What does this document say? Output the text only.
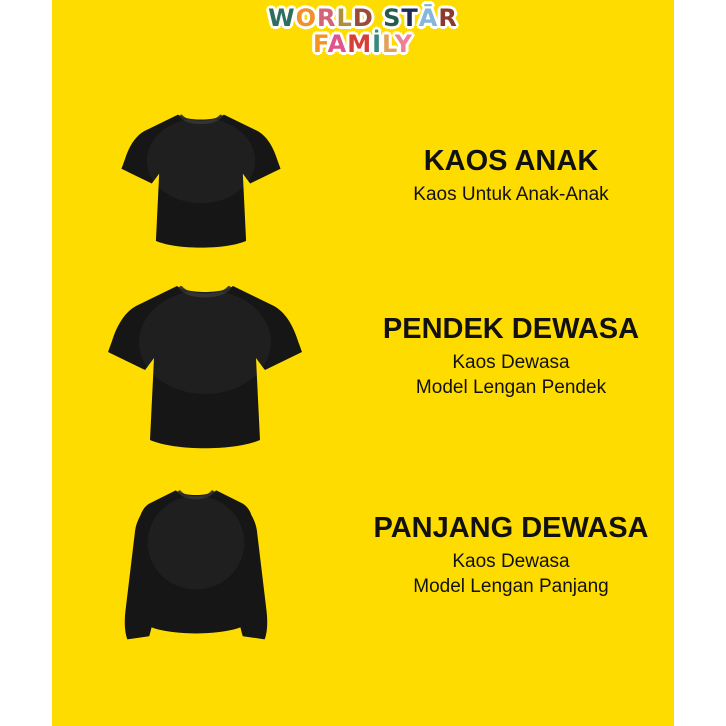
WORLD STĀR
FAMİLY
KAOS ANAK

Kaos Untuk Anak-Anak

PENDEK DEWASA

Kaos Dewasa

Model Lengan Pendek

PANJANG DEWASA

Kaos Dewasa

Model Lengan Panjang
